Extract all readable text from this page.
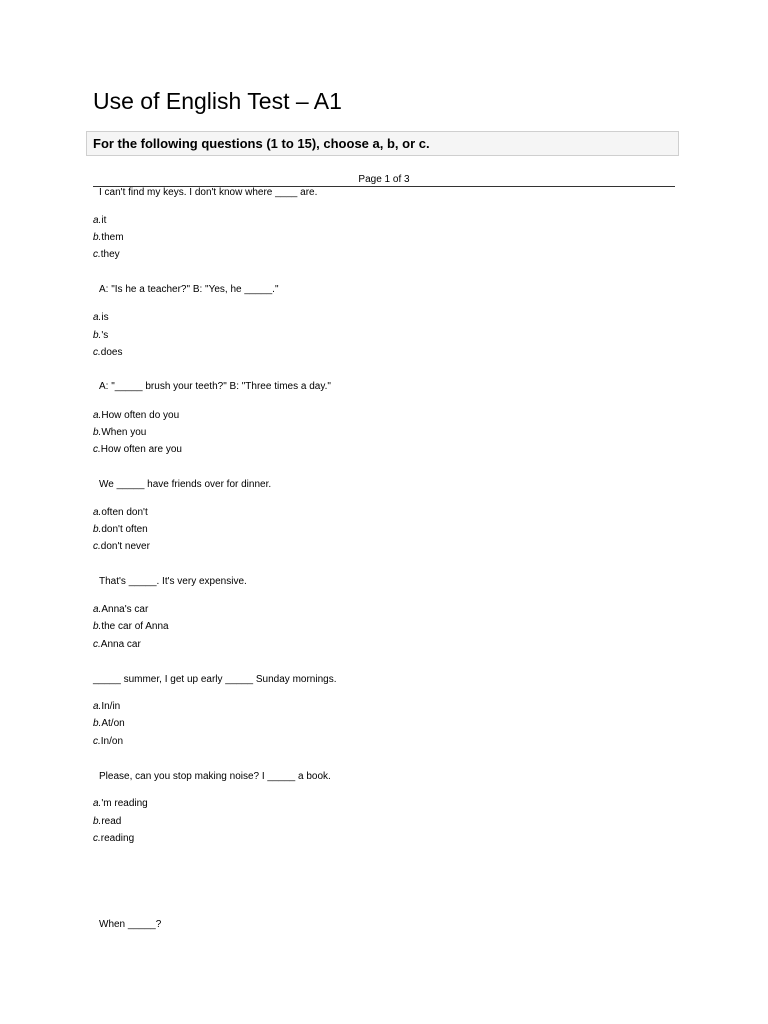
Use of English Test – A1
For the following questions (1 to 15), choose a, b, or c.
Page 1 of 3
I can't find my keys. I don't know where ____ are.
a.it
b.them
c.they
A: "Is he a teacher?" B: "Yes, he _____."
a.is
b.'s
c.does
A: "_____ brush your teeth?" B: "Three times a day."
a.How often do you
b.When you
c.How often are you
We _____ have friends over for dinner.
a.often don't
b.don't often
c.don't never
That's _____. It's very expensive.
a.Anna's car
b.the car of Anna
c.Anna car
_____ summer, I get up early _____ Sunday mornings.
a.In/in
b.At/on
c.In/on
Please, can you stop making noise? I _____ a book.
a.'m reading
b.read
c.reading
When _____?
